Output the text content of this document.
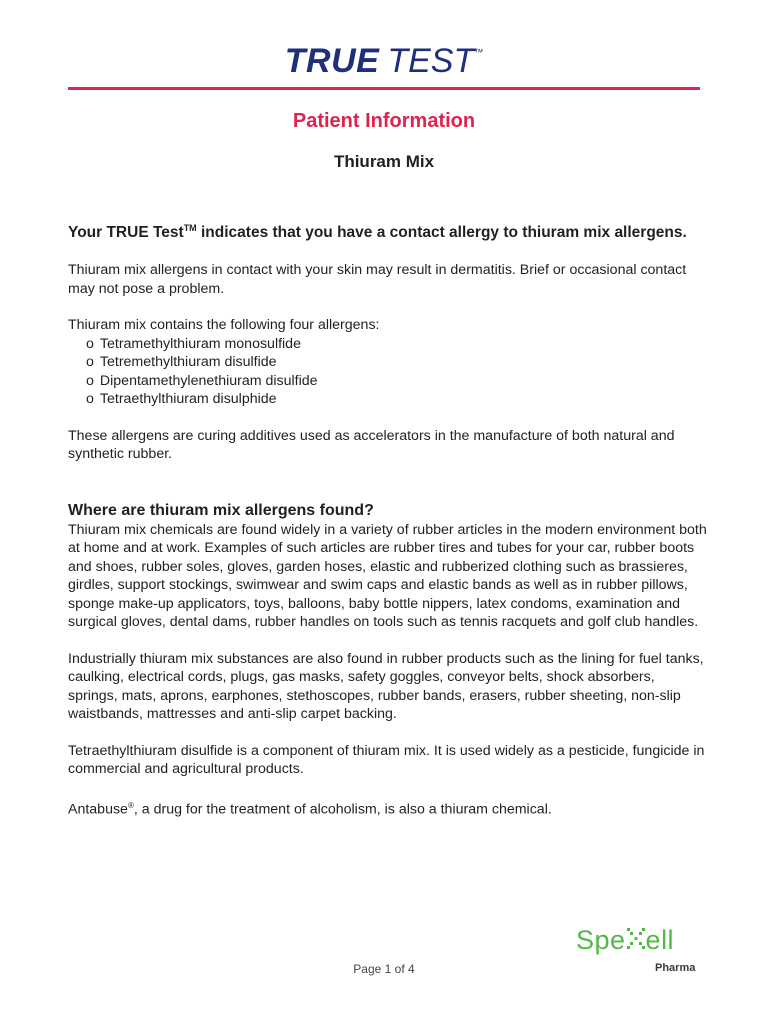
TRUE TEST™
Patient Information
Thiuram Mix

Your TRUE Test™ indicates that you have a contact allergy to thiuram mix allergens.

Thiuram mix allergens in contact with your skin may result in dermatitis. Brief or occasional contact may not pose a problem.

Thiuram mix contains the following four allergens:

o Tetramethylthiuram monosulfide
o Tetremethylthiuram disulfide
o Dipentamethylenethiuram disulfide
o Tetraethylthiuram disulphide

These allergens are curing additives used as accelerators in the manufacture of both natural and synthetic rubber.

Where are thiuram mix allergens found?

Thiuram mix chemicals are found widely in a variety of rubber articles in the modern environment both at home and at work. Examples of such articles are rubber tires and tubes for your car, rubber boots and shoes, rubber soles, gloves, garden hoses, elastic and rubberized clothing such as brassieres, girdles, support stockings, swimwear and swim caps and elastic bands as well as in rubber pillows, sponge make-up applicators, toys, balloons, baby bottle nippers, latex condoms, examination and surgical gloves, dental dams, rubber handles on tools such as tennis racquets and golf club handles.

Industrially thiuram mix substances are also found in rubber products such as the lining for fuel tanks, caulking, electrical cords, plugs, gas masks, safety goggles, conveyor belts, shock absorbers, springs, mats, aprons, earphones, stethoscopes, rubber bands, erasers, rubber sheeting, non-slip waistbands, mattresses and anti-slip carpet backing.

Tetraethylthiuram disulfide is a component of thiuram mix. It is used widely as a pesticide, fungicide in commercial and agricultural products.

Antabuse®, a drug for the treatment of alcoholism, is also a thiuram chemical.

Spe ell
Pharma
Page 1 of 4
